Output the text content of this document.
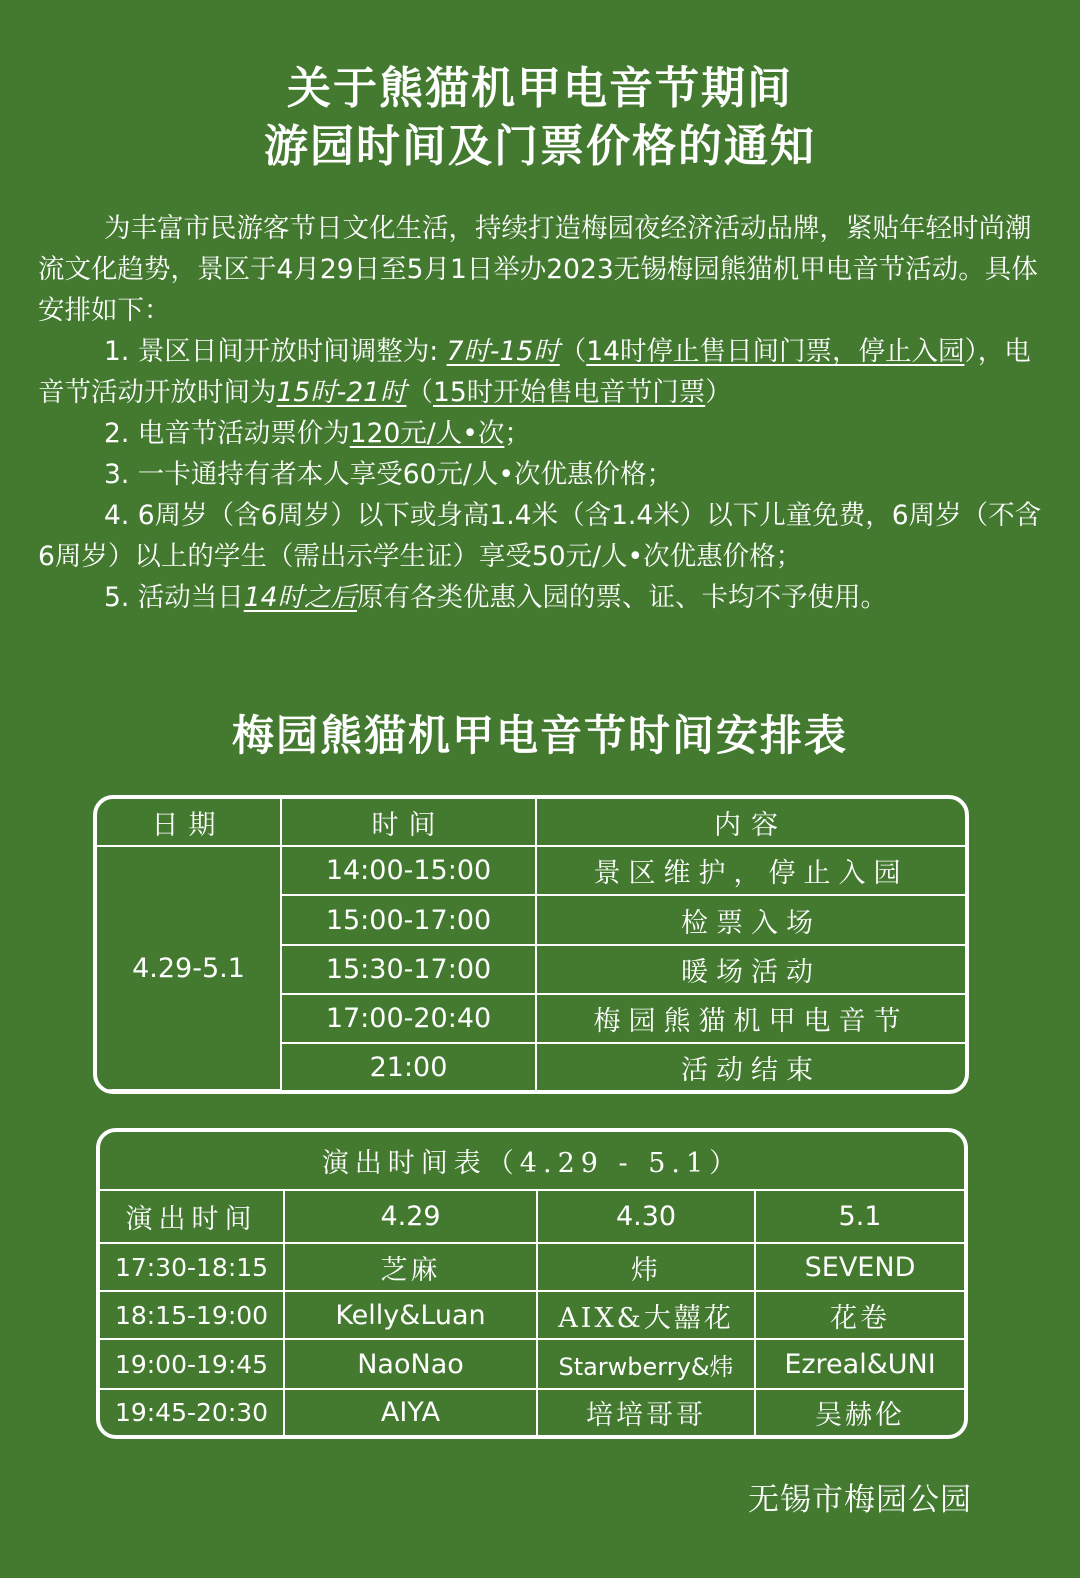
关于熊猫机甲电音节期间
游园时间及门票价格的通知

为丰富市民游客节日文化生活，持续打造梅园夜经济活动品牌，紧贴年轻时尚潮流文化趋势，景区于4月29日至5月1日举办2023无锡梅园熊猫机甲电音节活动。具体安排如下：

1. 景区日间开放时间调整为: 7时-15时（14时停止售日间门票，停止入园），电音节活动开放时间为15时-21时（15时开始售电音节门票）

2. 电音节活动票价为120元/人•次；

3. 一卡通持有者本人享受60元/人•次优惠价格；

4. 6周岁（含6周岁）以下或身高1.4米（含1.4米）以下儿童免费，6周岁（不含6周岁）以上的学生（需出示学生证）享受50元/人•次优惠价格；

5. 活动当日14时之后原有各类优惠入园的票、证、卡均不予使用。

梅园熊猫机甲电音节时间安排表
日期	时间	内容
4.29-5.1	14:00-15:00	景区维护，停止入园
	15:00-17:00	检票入场
	15:30-17:00	暖场活动
	17:00-20:40	梅园熊猫机甲电音节
	21:00	活动结束
演出时间表（4.29 - 5.1）			
演出时间	4.29	4.30	5.1
17:30-18:15	芝麻	炜	SEVEND
18:15-19:00	Kelly&Luan	AIX&大囍花	花卷
19:00-19:45	NaoNao	Starwberry&炜	Ezreal&UNI
19:45-20:30	AIYA	培培哥哥	吴赫伦
无锡市梅园公园
